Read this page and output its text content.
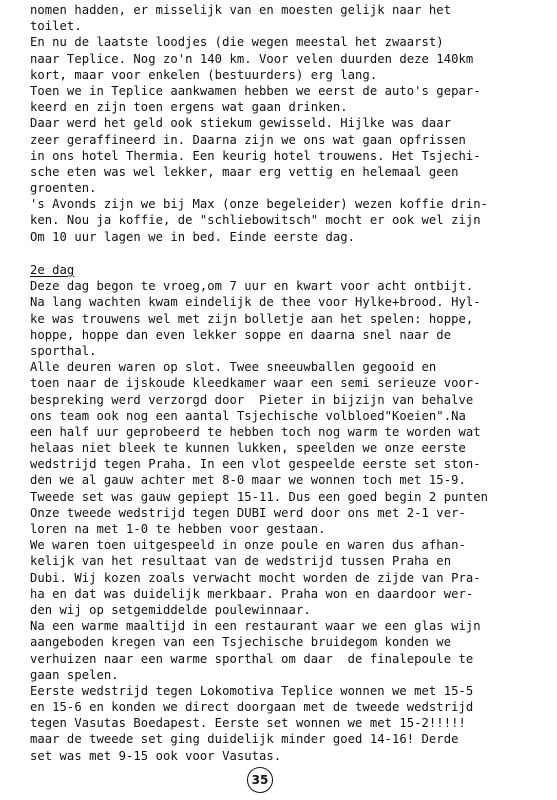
nomen hadden, er misselijk van en moesten gelijk naar het
toilet.
En nu de laatste loodjes (die wegen meestal het zwaarst)
naar Teplice. Nog zo'n 140 km. Voor velen duurden deze 140km
kort, maar voor enkelen (bestuurders) erg lang.
Toen we in Teplice aankwamen hebben we eerst de auto's gepar-
keerd en zijn toen ergens wat gaan drinken.
Daar werd het geld ook stiekum gewisseld. Hijlke was daar
zeer geraffineerd in. Daarna zijn we ons wat gaan opfrissen
in ons hotel Thermia. Een keurig hotel trouwens. Het Tsjechi-
sche eten was wel lekker, maar erg vettig en helemaal geen
groenten.
's Avonds zijn we bij Max (onze begeleider) wezen koffie drin-
ken. Nou ja koffie, de "schliebowitsch" mocht er ook wel zijn
Om 10 uur lagen we in bed. Einde eerste dag.
2e dag
Deze dag begon te vroeg,om 7 uur en kwart voor acht ontbijt.
Na lang wachten kwam eindelijk de thee voor Hylke+brood. Hyl-
ke was trouwens wel met zijn bolletje aan het spelen: hoppe,
hoppe, hoppe dan even lekker soppe en daarna snel naar de
sporthal.
Alle deuren waren op slot. Twee sneeuwballen gegooid en
toen naar de ijskoude kleedkamer waar een semi serieuze voor-
bespreking werd verzorgd door  Pieter in bijzijn van behalve
ons team ook nog een aantal Tsjechische volbloed"Koeien".Na
een half uur geprobeerd te hebben toch nog warm te worden wat
helaas niet bleek te kunnen lukken, speelden we onze eerste
wedstrijd tegen Praha. In een vlot gespeelde eerste set ston-
den we al gauw achter met 8-0 maar we wonnen toch met 15-9.
Tweede set was gauw gepiept 15-11. Dus een goed begin 2 punten
Onze tweede wedstrijd tegen DUBI werd door ons met 2-1 ver-
loren na met 1-0 te hebben voor gestaan.
We waren toen uitgespeeld in onze poule en waren dus afhan-
kelijk van het resultaat van de wedstrijd tussen Praha en
Dubi. Wij kozen zoals verwacht mocht worden de zijde van Pra-
ha en dat was duidelijk merkbaar. Praha won en daardoor wer-
den wij op setgemiddelde poulewinnaar.
Na een warme maaltijd in een restaurant waar we een glas wijn
aangeboden kregen van een Tsjechische bruidegom konden we
verhuizen naar een warme sporthal om daar  de finalepoule te
gaan spelen.
Eerste wedstrijd tegen Lokomotiva Teplice wonnen we met 15-5
en 15-6 en konden we direct doorgaan met de tweede wedstrijd
tegen Vasutas Boedapest. Eerste set wonnen we met 15-2!!!!!
maar de tweede set ging duidelijk minder goed 14-16! Derde
set was met 9-15 ook voor Vasutas.
35
